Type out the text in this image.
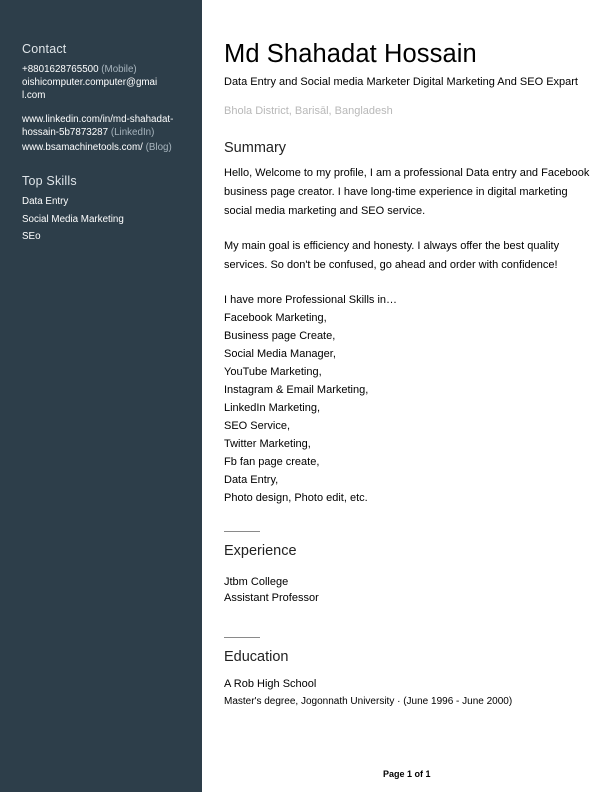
Contact
+8801628765500 (Mobile)
oishicomputer.computer@gmai
l.com
www.linkedin.com/in/md-shahadat-
hossain-5b7873287 (LinkedIn)
www.bsamachinetools.com/ (Blog)
Top Skills
Data Entry
Social Media Marketing
SEo
Md Shahadat Hossain
Data Entry and Social media Marketer Digital Marketing And SEO Expart
Bhola District, Barisāl, Bangladesh
Summary
Hello, Welcome to my profile, I am a professional Data entry and Facebook business page creator. I have long-time experience in digital marketing social media marketing and SEO service.
My main goal is efficiency and honesty. I always offer the best quality services. So don't be confused, go ahead and order with confidence!
I have more Professional Skills in…
Facebook Marketing,
Business page Create,
Social Media Manager,
YouTube Marketing,
Instagram & Email Marketing,
LinkedIn Marketing,
SEO Service,
Twitter Marketing,
Fb fan page create,
Data Entry,
Photo design, Photo edit, etc.
Experience
Jtbm College
Assistant Professor
Education
A Rob High School
Master's degree, Jogonnath University · (June 1996 - June 2000)
Page 1 of 1
